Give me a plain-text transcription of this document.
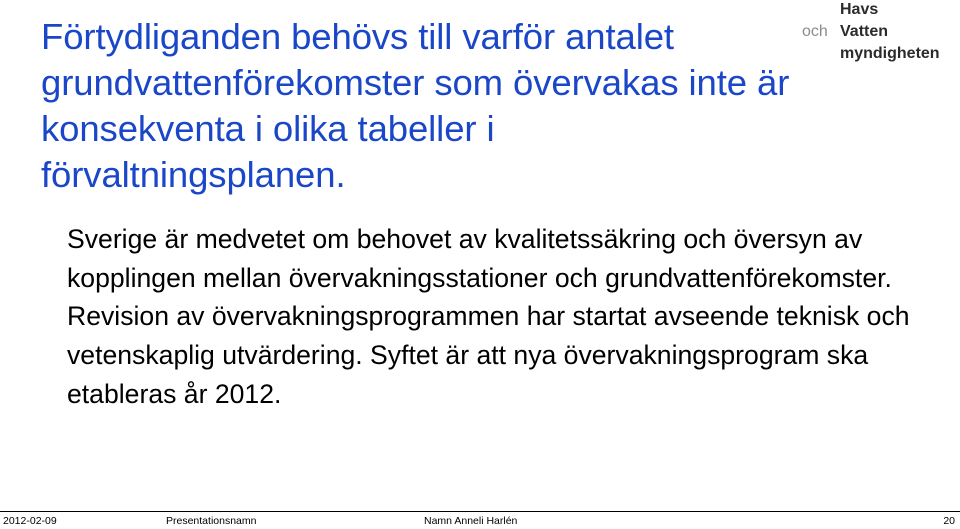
Förtydliganden behövs till varför antalet grundvattenförekomster som övervakas inte är konsekventa i olika tabeller i förvaltningsplanen.
Havs
och Vatten
myndigheten

Sverige är medvetet om behovet av kvalitetssäkring och översyn av kopplingen mellan övervakningsstationer och grundvattenförekomster. Revision av övervakningsprogrammen har startat avseende teknisk och vetenskaplig utvärdering. Syftet är att nya övervakningsprogram ska etableras år 2012.

2012-02-09	Presentationsnamn	Namn Anneli Harlén	20
